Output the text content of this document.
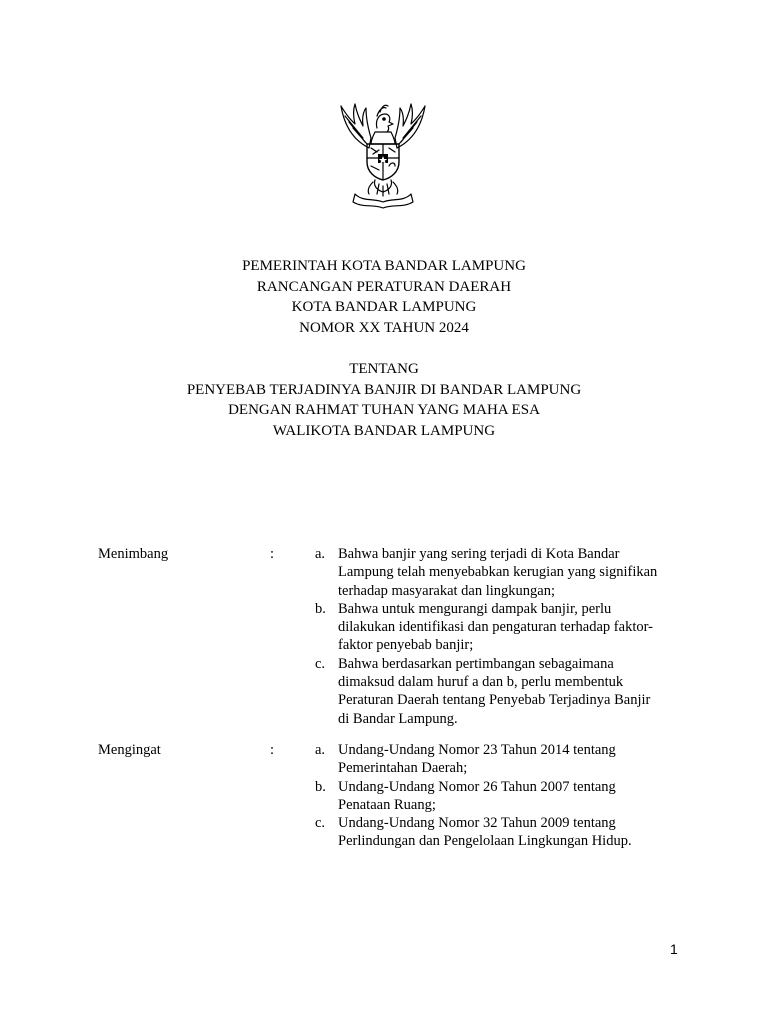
PEMERINTAH KOTA BANDAR LAMPUNG
RANCANGAN PERATURAN DAERAH
KOTA BANDAR LAMPUNG
NOMOR XX TAHUN 2024
TENTANG
PENYEBAB TERJADINYA BANJIR DI BANDAR LAMPUNG
DENGAN RAHMAT TUHAN YANG MAHA ESA
WALIKOTA BANDAR LAMPUNG
Menimbang	:	a. Bahwa banjir yang sering terjadi di Kota Bandar
Lampung telah menyebabkan kerugian yang signifikan
terhadap masyarakat dan lingkungan;
b. Bahwa untuk mengurangi dampak banjir, perlu
dilakukan identifikasi dan pengaturan terhadap faktor-
faktor penyebab banjir;
c. Bahwa berdasarkan pertimbangan sebagaimana
dimaksud dalam huruf a dan b, perlu membentuk
Peraturan Daerah tentang Penyebab Terjadinya Banjir
di Bandar Lampung.
Mengingat	:	a. Undang-Undang Nomor 23 Tahun 2014 tentang
Pemerintahan Daerah;
b. Undang-Undang Nomor 26 Tahun 2007 tentang
Penataan Ruang;
c. Undang-Undang Nomor 32 Tahun 2009 tentang
Perlindungan dan Pengelolaan Lingkungan Hidup.
1
